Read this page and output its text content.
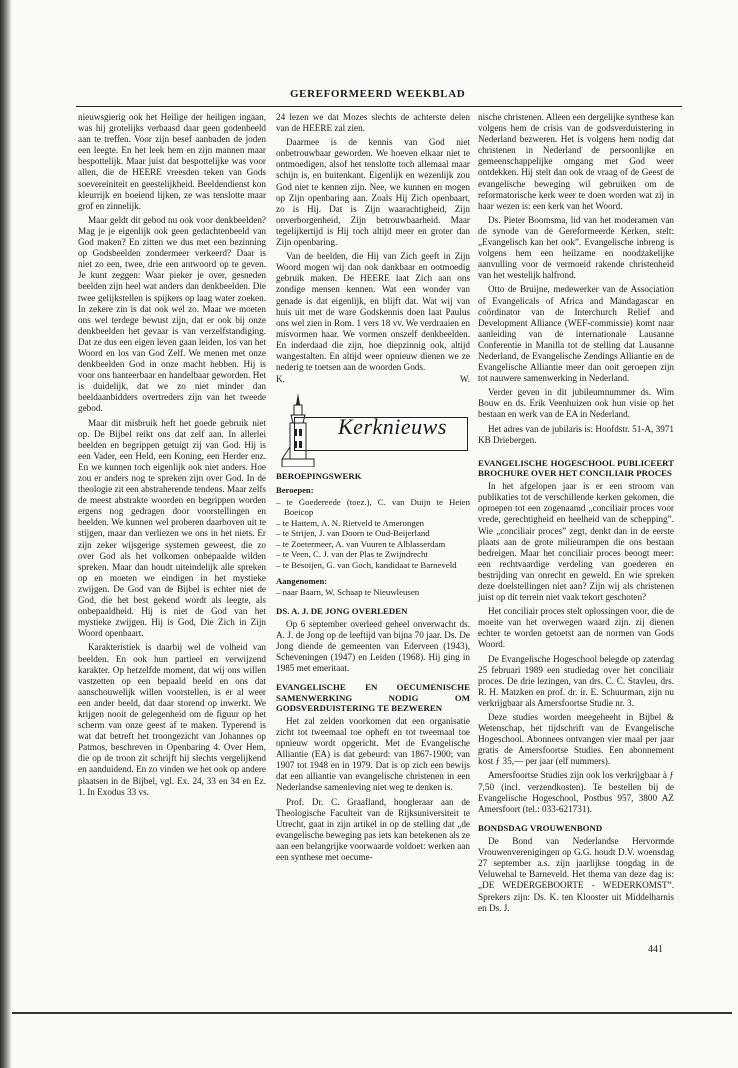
GEREFORMEERD WEEKBLAD

nieuwsgierig ook het Heilige der heiligen ingaan, was hij grotelijks verbaasd daar geen godenbeeld aan te treffen. Voor zijn besef aanbaden de joden een leegte. En het leek hem en zijn mannen maar bespottelijk. Maar juist dat bespottelijke was voor allen, die de HEERE vreesden teken van Gods soevereiniteit en geestelijkheid. Beeldendienst kon kleurrijk en boeiend lijken, ze was tenslotte maar grof en zinnelijk.

Maar geldt dit gebod nu ook voor denkbeelden? Mag je je eigenlijk ook geen gedachtenbeeld van God maken? En zitten we dus met een bezinning op Godsbeelden zondermeer verkeerd? Daar is niet zo een, twee, drie een antwoord op te geven. Je kunt zeggen: Waar pieker je over, gesneden beelden zijn heel wat anders dan denkbeelden. Die twee gelijkstellen is spijkers op laag water zoeken. In zekere zin is dat ook wel zo. Maar we moeten ons wel terdege bewust zijn, dat er ook bij onze denkbeelden het gevaar is van verzelfstandiging. Dat ze dus een eigen leven gaan leiden, los van het Woord en los van God Zelf. We menen met onze denkbeelden God in onze macht hebben. Hij is voor ons hanteerbaar en handelbaar geworden. Het is duidelijk, dat we zo niet minder dan beeldaanbidders overtreders zijn van het tweede gebod.

Maar dit misbruik heft het goede gebruik niet op. De Bijbel reikt ons dat zelf aan. In allerlei beelden en begrippen getuigt zij van God. Hij is een Vader, een Held, een Koning, een Herder enz. En we kunnen toch eigenlijk ook niet anders. Hoe zou er anders nog te spreken zijn over God. In de theologie zit een abstraherende tendens. Maar zelfs de meest abstrakte woorden en begrippen worden ergens nog gedragen door voorstellingen en beelden. We kunnen wel proberen daarboven uit te stijgen, maar dan verliezen we ons in het niets. Er zijn zeker wijsgerige systemen geweest, die zo over God als het volkomen onbepaalde wilden spreken. Maar dan houdt uiteindelijk alle spreken op en moeten we eindigen in het mystieke zwijgen. De God van de Bijbel is echter niet de God, die het best gekend wordt als leegte, als onbepaaldheid. Hij is niet de God van het mystieke zwijgen. Hij is God, Die Zich in Zijn Woord openbaart.

Karakteristiek is daarbij wel de volheid van beelden. En ook hun partieel en verwijzend karakter. Op hetzelfde moment, dat wij ons willen vastzetten op een bepaald beeld en ons dat aanschouwelijk willen voorstellen, is er al weer een ander beeld, dat daar storend op inwerkt. We krijgen nooit de gelegenheid om de figuur op het scherm van onze geest af te maken. Typerend is wat dat betreft het troongezicht van Johannes op Patmos, beschreven in Openbaring 4. Over Hem, die op de troon zit schrijft hij slechts vergelijkend en aanduidend. En zo vinden we het ook op andere plaatsen in de Bijbel, vgl. Ex. 24, 33 en 34 en Ez. 1. In Exodus 33 vs.

24 lezen we dat Mozes slechts de achterste delen van de HEERE zal zien.

Daarmee is de kennis van God niet onbetrouwbaar geworden. We hoeven elkaar niet te ontmoedigen, alsof het tenslotte toch allemaal maar schijn is, en buitenkant. Eigenlijk en wezenlijk zou God niet te kennen zijn. Nee, we kunnen en mogen op Zijn openbaring aan. Zoals Hij Zich openbaart, zo is Hij. Dat is Zijn waarachtigheid, Zijn onverborgenheid, Zijn betrouwbaarheid. Maar tegelijkertijd is Hij toch altijd meer en groter dan Zijn openbaring.

Van de beelden, die Hij van Zich geeft in Zijn Woord mogen wij dan ook dankbaar en ootmoedig gebruik maken. De HEERE laat Zich aan ons zondige mensen kennen. Wat een wonder van genade is dat eigenlijk, en blijft dat. Wat wij van huis uit met de ware Godskennis doen laat Paulus ons wel zien in Rom. 1 vers 18 vv. We verdraaien en misvormen haar. We vormen onszelf denkbeelden. En inderdaad die zijn, hoe diepzinnig ook, altijd wangestalten. En altijd weer opnieuw dienen we ze nederig te toetsen aan de woorden Gods.

K.	W.
Kerknieuws
BEROEPINGSWERK
Beroepen:
– te Goedereede (toez.), C. van Duijn te Heien Boeicop
– te Hattem, A. N. Rietveld te Amerongen
– te Strijen, J. van Doorn te Oud-Beijerland
– te Zoetermeer, A. van Vuuren te Alblasserdam
– te Veen, C. J. van der Plas te Zwijndrecht
– te Besoijen, G. van Goch, kandidaat te Barneveld
Aangenomen:
– naar Baarn, W. Schaap te Nieuwleusen
DS. A. J. DE JONG OVERLEDEN

Op 6 september overleed geheel onverwacht ds. A. J. de Jong op de leeftijd van bijna 70 jaar. Ds. De Jong diende de gemeenten van Ederveen (1943), Scheveningen (1947) en Leiden (1968). Hij ging in 1985 met emeritaat.

EVANGELISCHE EN OECUMENISCHE SAMENWERKING NODIG OM GODSVERDUISTERING TE BEZWEREN

Het zal zelden voorkomen dat een organisatie zicht tot tweemaal toe opheft en tot tweemaal toe opnieuw wordt opgericht. Met de Evangelische Alliantie (EA) is dat gebeurd: van 1867-1900; van 1907 tot 1948 en in 1979. Dat is op zich een bewijs dat een alliantie van evangelische christenen in een Nederlandse samenleving niet weg te denken is.

Prof. Dr. C. Graafland, hoogleraar aan de Theologische Faculteit van de Rijksuniversiteit te Utrecht, gaat in zijn artikel in op de stelling dat „de evangelische beweging pas iets kan betekenen als ze aan een belangrijke voorwaarde voldoet: werken aan een synthese met oecume-

nische christenen. Alleen een dergelijke synthese kan volgens hem de crisis van de godsverduistering in Nederland bezweren. Het is volgens hem nodig dat christenen in Nederland de persoonlijke en gemeenschappelijke omgang met God weer ontdekken. Hij stelt dan ook de vraag of de Geest de evangelische beweging wil gebruiken om de reformatorische kerk weer te doen worden wat zij in haar wezen is: een kerk van het Woord.

Ds. Pieter Boomsma, lid van het moderamen van de synode van de Gereformeerde Kerken, stelt: „Evangelisch kan het ook”. Evangelische inbreng is volgens hem een heilzame en noodzakelijke aanvulling voor de vermoeid rakende christenheid van het westelijk halfrond.

Otto de Bruijne, medewerker van de Association of Evangelicals of Africa and Mandagascar en coördinator van de Interchurch Relief and Development Alliance (WEF-commissie) komt naar aanleiding van de internationale Lausanne Conferentie in Manilla tot de stelling dat Lausanne Nederland, de Evangelische Zendings Alliantie en de Evangelische Alliantie meer dan ooit geroepen zijn tot nauwere samenwerking in Nederland.

Verder geven in dit jubileumnummer ds. Wim Bouw en ds. Erik Veenhuizen ook hun visie op het bestaan en werk van de EA in Nederland.

Het adres van de jubilaris is: Hoofdstr. 51-A, 3971 KB Driebergen.

EVANGELISCHE HOGESCHOOL PUBLICEERT BROCHURE OVER HET CONCILIAIR PROCES

In het afgelopen jaar is er een stroom van publikaties tot de verschillende kerken gekomen, die oproepen tot een zogenaamd „conciliair proces voor vrede, gerechtigheid en heelheid van de schepping”. Wie „conciliair proces” zegt, denkt dan in de eerste plaats aan de grote milieurampen die ons bestaan bedreigen. Maar het conciliair proces beoogt meer: een rechtvaardige verdeling van goederen en bestrijding van onrecht en geweld. En wie spreken deze doelstellingen niet aan? Zijn wij als christenen juist op dit terrein niet vaak tekort geschoten?

Het conciliair proces stelt oplossingen voor, die de moeite van het overwegen waard zijn. zij dienen echter te worden getoetst aan de normen van Gods Woord.

De Evangelische Hogeschool belegde op zaterdag 25 februari 1989 een studiedag over het conciliair proces. De drie lezingen, van drs. C. C. Stavleu, drs. R. H. Matzken en prof. dr. ir. E. Schuurman, zijn nu verkrijgbaar als Amersfoortse Studie nr. 3.

Deze studies worden meegeheeht in Bijbel & Wetenschap, het tijdschrift van de Evangelische Hogeschool. Abonnees ontvangen vier maal per jaar gratis de Amersfoortse Studies. Een abonnement kost ƒ 35,— per jaar (elf nummers).

Amersfoortse Studies zijn ook los verkrijgbaar à ƒ 7,50 (incl. verzendkosten). Te bestellen bij de Evangelische Hogeschool, Postbus 957, 3800 AZ Amersfoort (tel.: 033-621731).

BONDSDAG VROUWENBOND

De Bond van Nederlandse Hervormde Vrouwenverenigingen op G.G. houdt D.V. woensdag 27 september a.s. zijn jaarlijkse toogdag in de Veluwehal te Barneveld. Het thema van deze dag is: „DE WEDERGEBOORTE - WEDERKOMST”. Sprekers zijn: Ds. K. ten Klooster uit Middelharnis en Ds. J.

441
